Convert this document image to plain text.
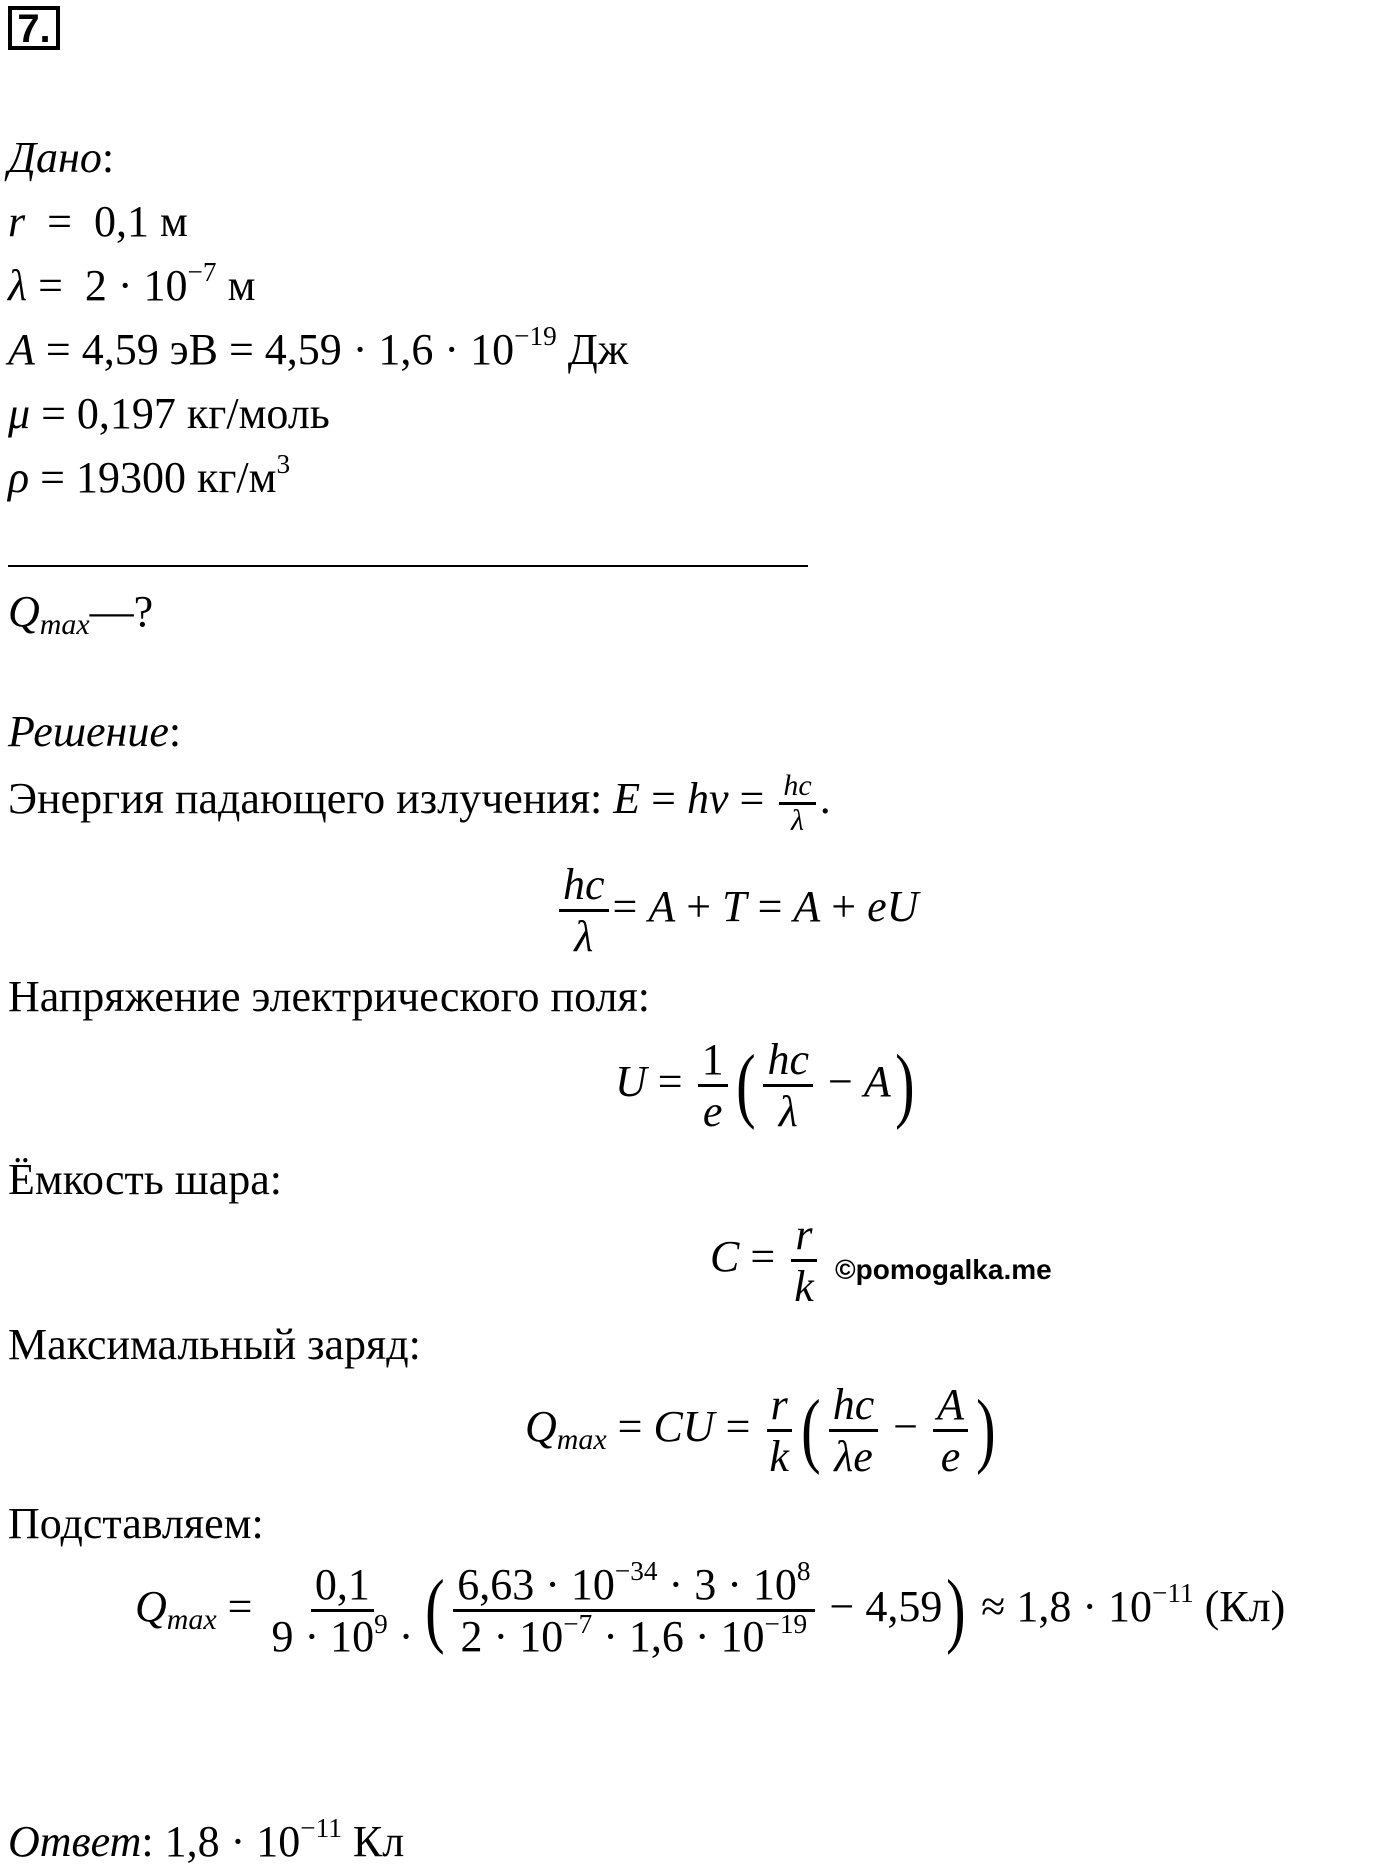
7.
Дано:
r  =  0,1 м
$\lambda = 2 \cdot 10^{-7}$ м
A = 4,59 эВ = $4,59 \cdot 1,6 \cdot 10^{-19}$ Дж
μ = 0,197 кг/моль
ρ = 19300 $кг/м^3$
Qmax—?
Решение:
Энергия падающего излучения: $E = h\nu = \frac{hc}{\lambda}$ .
$\frac{hc}{\lambda} = A + T = A$ + eU
Напряжение электрического поля:
$U = \frac{1}{e}$ ( $\frac{hc}{\lambda} - A$)
Ёмкость шара:
$C = \frac{r}{k}$ ©pomogalka.me
Максимальный заряд:
Qmax = CU = $\frac{r}{k}$ ( $\frac{hc}{\lambda e} - \frac{A}{e}$ )
Подставляем:
$Qmax = \frac{0,1}{9 \cdot 10^9 \cdot}$ ( $\frac{6,63 \cdot 10^{-34} \cdot 3 \cdot 10^8}{2 \cdot 10^{-7} \cdot 1,6 \cdot 10^{-19}} - 4,59) \approx 1,8 \cdot 10^{-11}$ (Кл)
Ответ: $1,8 \cdot 10^{-11}$ Кл
